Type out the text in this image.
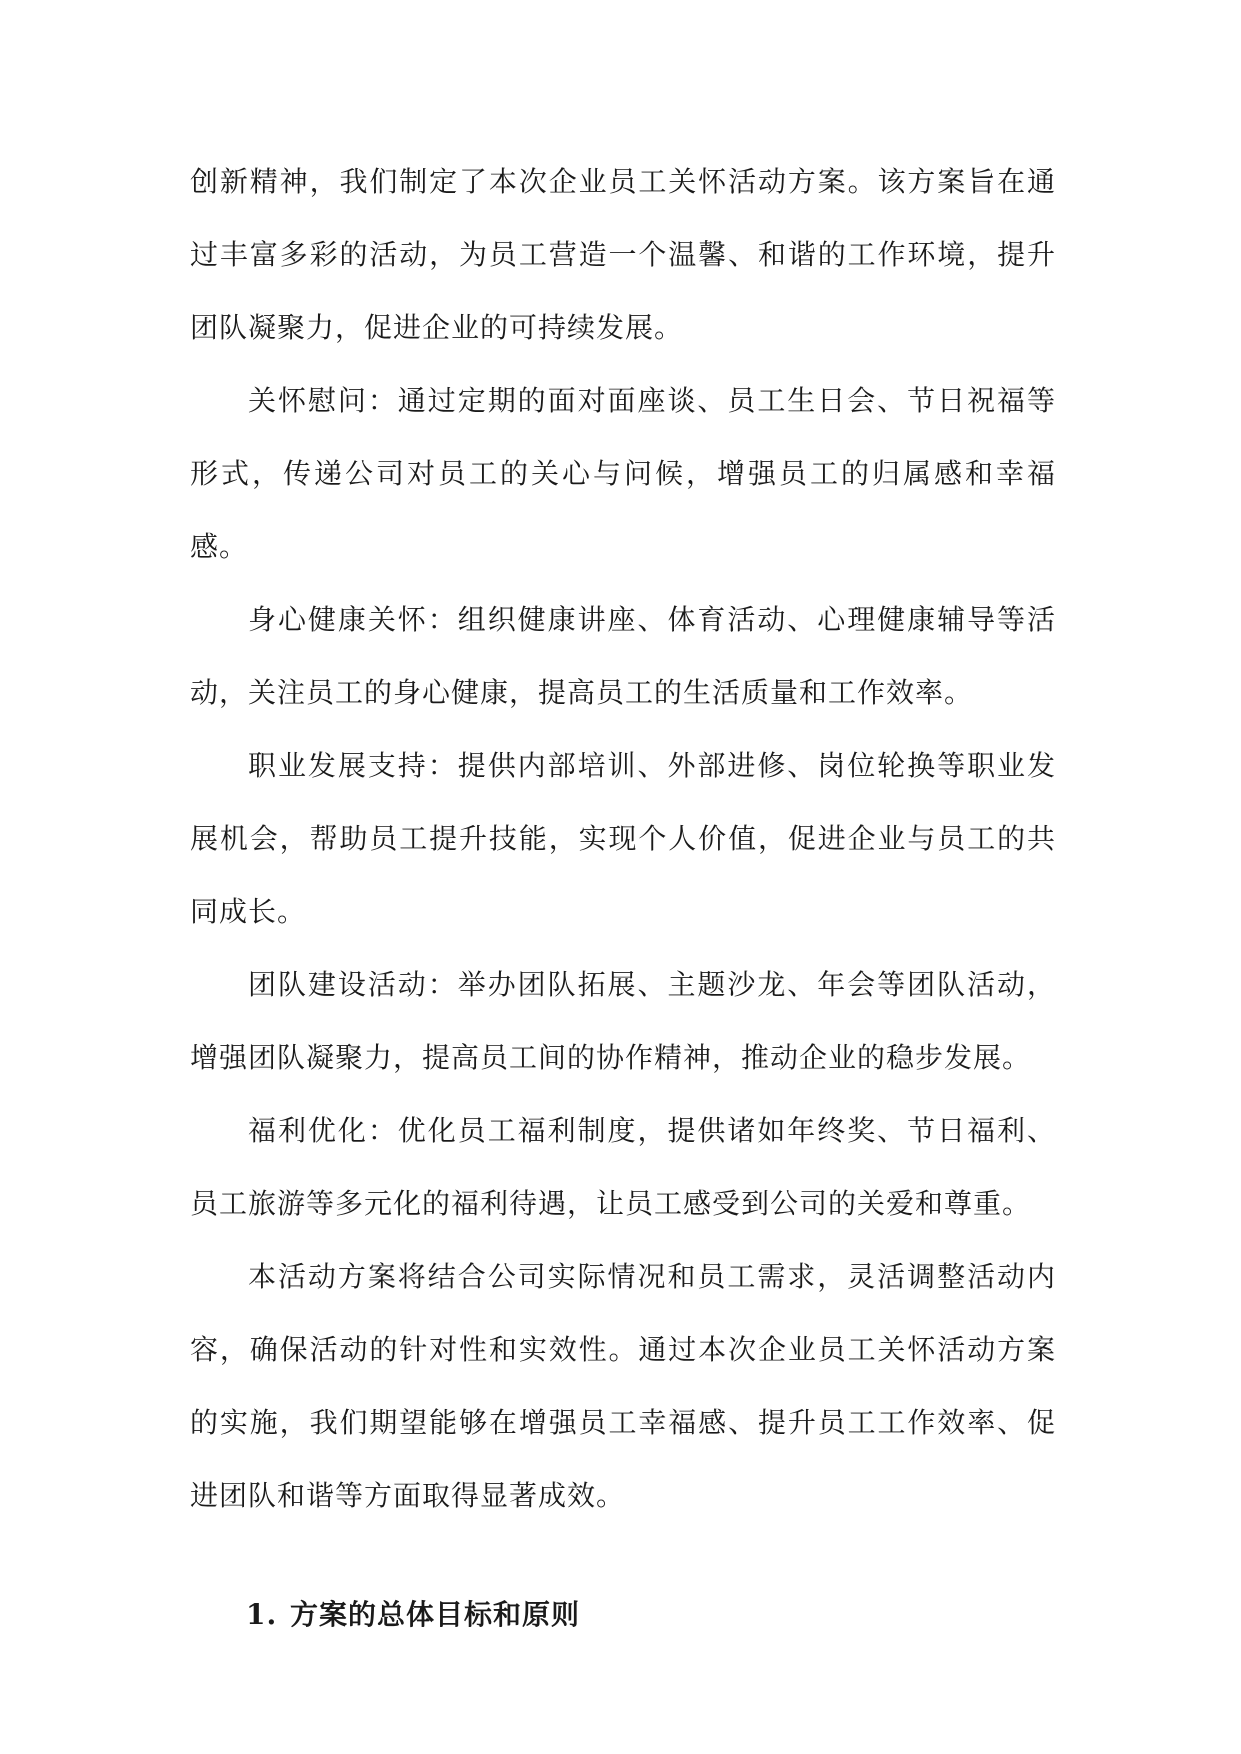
创新精神，我们制定了本次企业员工关怀活动方案。该方案旨在通过丰富多彩的活动，为员工营造一个温馨、和谐的工作环境，提升团队凝聚力，促进企业的可持续发展。

关怀慰问：通过定期的面对面座谈、员工生日会、节日祝福等形式，传递公司对员工的关心与问候，增强员工的归属感和幸福感。

身心健康关怀：组织健康讲座、体育活动、心理健康辅导等活动，关注员工的身心健康，提高员工的生活质量和工作效率。

职业发展支持：提供内部培训、外部进修、岗位轮换等职业发展机会，帮助员工提升技能，实现个人价值，促进企业与员工的共同成长。

团队建设活动：举办团队拓展、主题沙龙、年会等团队活动，增强团队凝聚力，提高员工间的协作精神，推动企业的稳步发展。

福利优化：优化员工福利制度，提供诸如年终奖、节日福利、员工旅游等多元化的福利待遇，让员工感受到公司的关爱和尊重。

本活动方案将结合公司实际情况和员工需求，灵活调整活动内容，确保活动的针对性和实效性。通过本次企业员工关怀活动方案的实施，我们期望能够在增强员工幸福感、提升员工工作效率、促进团队和谐等方面取得显著成效。

1. 方案的总体目标和原则
